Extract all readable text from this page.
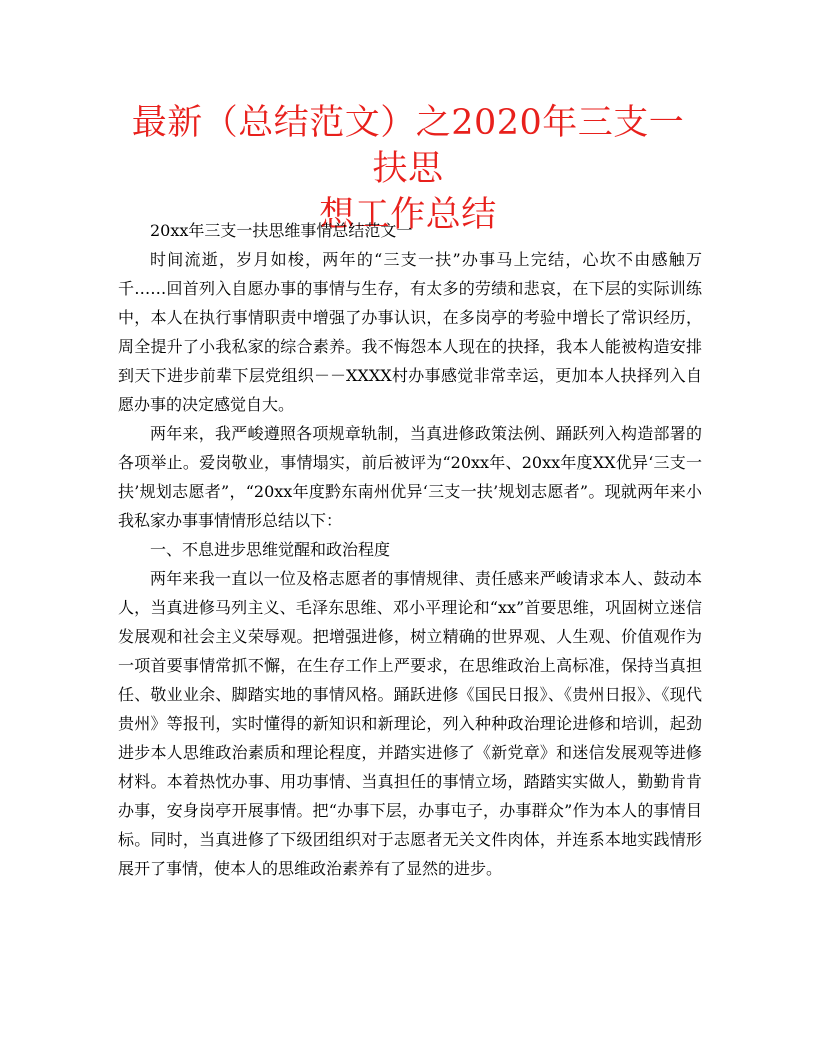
最新（总结范文）之2020年三支一扶思
想工作总结

20xx年三支一扶思维事情总结范文一

时间流逝，岁月如梭，两年的“三支一扶”办事马上完结，心坎不由感触万千……回首列入自愿办事的事情与生存，有太多的劳绩和悲哀，在下层的实际训练中，本人在执行事情职责中增强了办事认识，在多岗亭的考验中增长了常识经历，周全提升了小我私家的综合素养。我不悔怨本人现在的抉择，我本人能被构造安排到天下进步前辈下层党组织－－XXXX村办事感觉非常幸运，更加本人抉择列入自愿办事的决定感觉自大。

两年来，我严峻遵照各项规章轨制，当真进修政策法例、踊跃列入构造部署的各项举止。爱岗敬业，事情塌实，前后被评为“20xx年、20xx年度XX优异‘三支一扶’规划志愿者”，“20xx年度黔东南州优异‘三支一扶’规划志愿者”。现就两年来小我私家办事事情情形总结以下：

一、不息进步思维觉醒和政治程度

两年来我一直以一位及格志愿者的事情规律、责任感来严峻请求本人、鼓动本人，当真进修马列主义、毛泽东思维、邓小平理论和“xx”首要思维，巩固树立迷信发展观和社会主义荣辱观。把增强进修，树立精确的世界观、人生观、价值观作为一项首要事情常抓不懈，在生存工作上严要求，在思维政治上高标准，保持当真担任、敬业业余、脚踏实地的事情风格。踊跃进修《国民日报》、《贵州日报》、《现代贵州》等报刊，实时懂得的新知识和新理论，列入种种政治理论进修和培训，起劲进步本人思维政治素质和理论程度，并踏实进修了《新党章》和迷信发展观等进修材料。本着热忱办事、用功事情、当真担任的事情立场，踏踏实实做人，勤勤肯肯办事，安身岗亭开展事情。把“办事下层，办事屯子，办事群众”作为本人的事情目标。同时，当真进修了下级团组织对于志愿者无关文件肉体，并连系本地实践情形展开了事情，使本人的思维政治素养有了显然的进步。
